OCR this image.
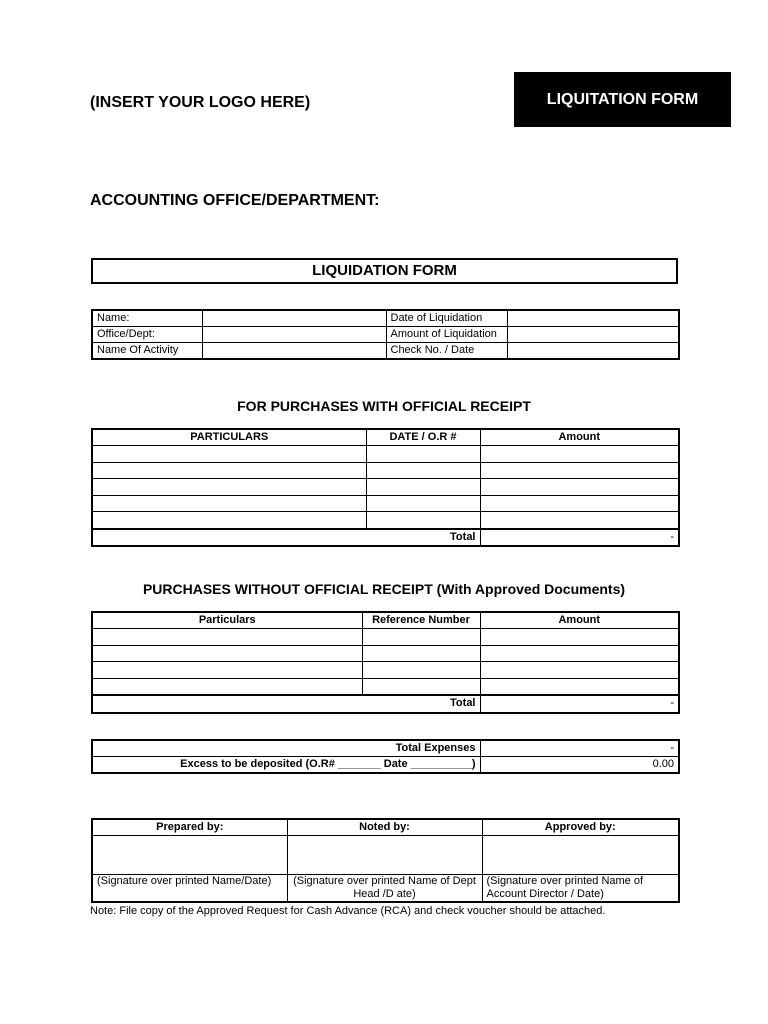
(INSERT YOUR LOGO HERE)	LIQUITATION FORM
ACCOUNTING OFFICE/DEPARTMENT:
LIQUIDATION FORM
Name:		Date of Liquidation	
Office/Dept:		Amount of Liquidation	
Name Of Activity		Check No. / Date	
FOR PURCHASES WITH OFFICIAL RECEIPT
PARTICULARS	DATE / O.R #	Amount

Total		-
PURCHASES WITHOUT OFFICIAL RECEIPT (With Approved Documents)
Particulars	Reference Number	Amount

Total		-
Total Expenses	-
Excess to be deposited (O.R# _______ Date __________)	0.00
Prepared by:	Noted by:	Approved by:

(Signature over printed Name/Date)	(Signature over printed Name of Dept Head /D ate)	(Signature over printed Name of Account Director / Date)
Note: File copy of the Approved Request for Cash Advance (RCA) and check voucher should be attached.
